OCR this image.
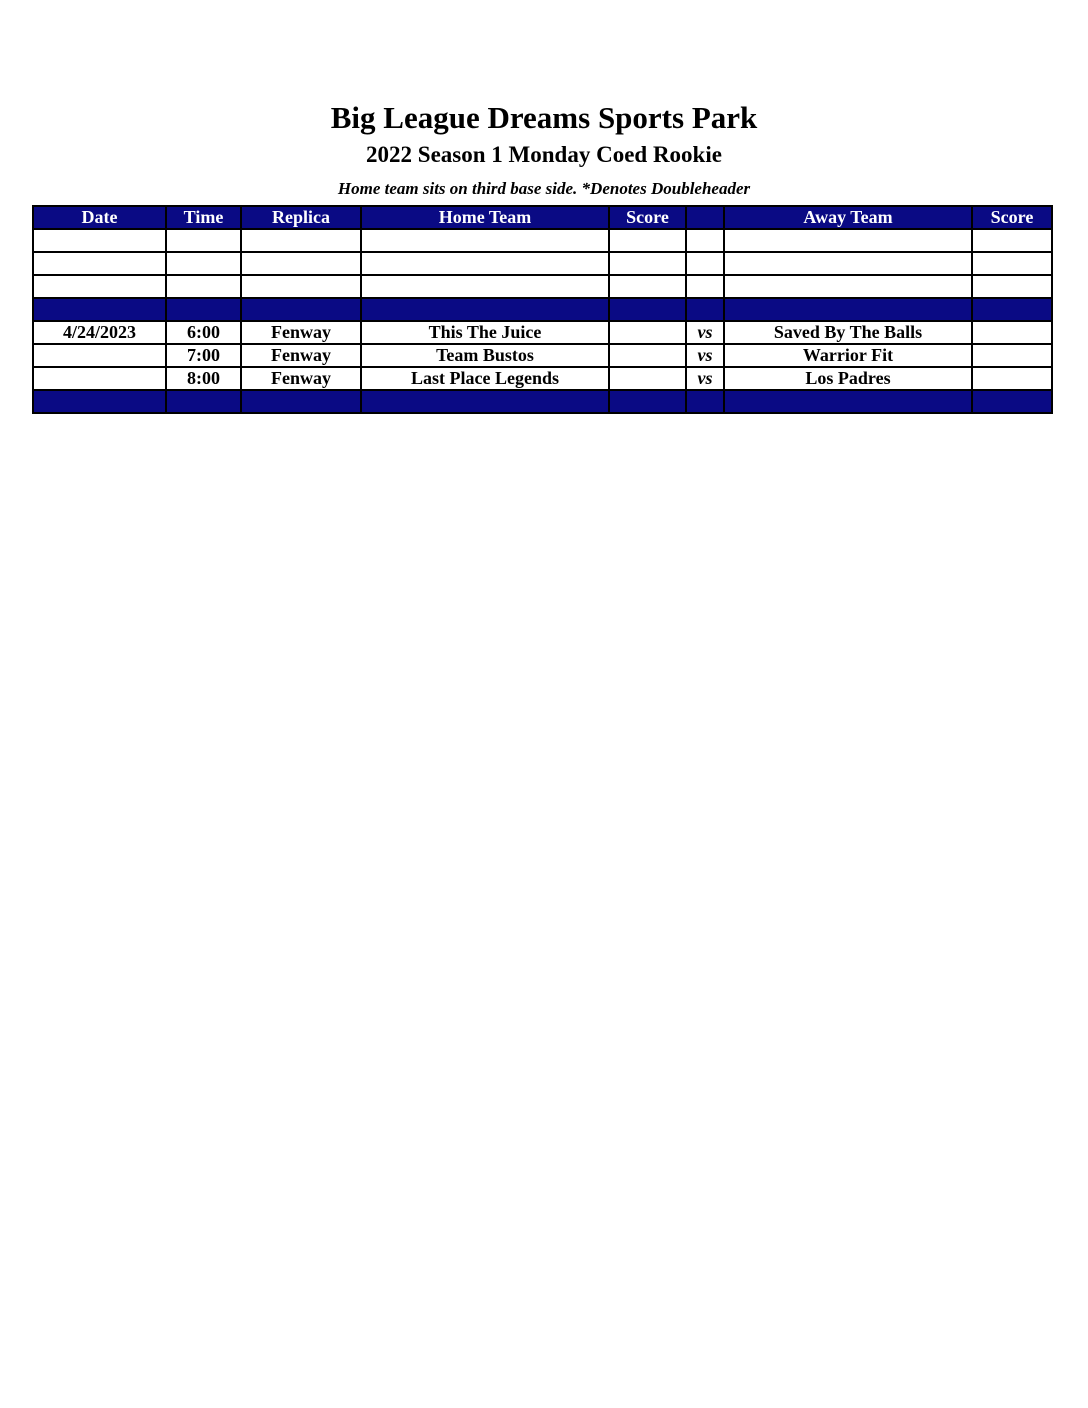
Big League Dreams Sports Park
2022 Season 1 Monday Coed Rookie
Home team sits on third base side. *Denotes Doubleheader
Date	Time	Replica	Home Team	Score		Away Team	Score

4/24/2023	6:00	Fenway	This The Juice		vs	Saved By The Balls	
	7:00	Fenway	Team Bustos		vs	Warrior Fit	
	8:00	Fenway	Last Place Legends		vs	Los Padres	
